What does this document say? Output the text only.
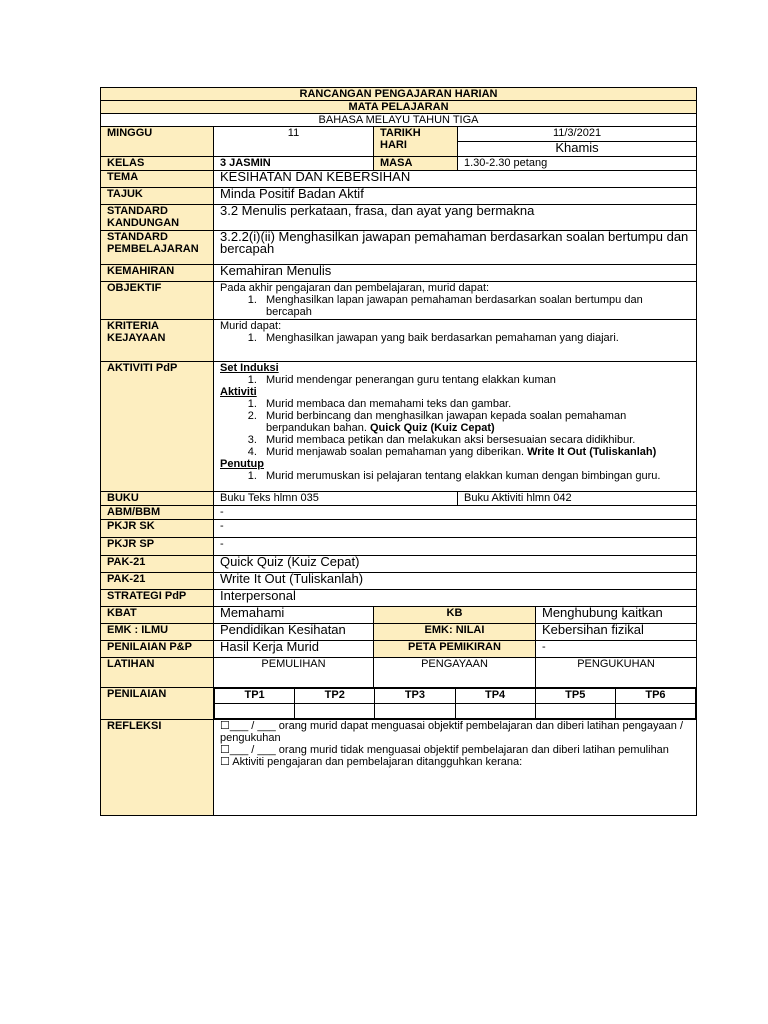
RANCANGAN PENGAJARAN HARIAN
MATA PELAJARAN
BAHASA MELAYU TAHUN TIGA
MINGGU	11	TARIKH
HARI
	11/3/2021
Khamis
KELAS	3 JASMIN	MASA	1.30-2.30 petang
TEMA	KESIHATAN DAN KEBERSIHAN
TAJUK	Minda Positif Badan Aktif

STANDARD
KANDUNGAN
	3.2 Menulis perkataan, frasa, dan ayat yang bermakna

STANDARD
PEMBELAJARAN
	3.2.2(i)(ii) Menghasilkan jawapan pemahaman berdasarkan soalan bertumpu dan bercapah
KEMAHIRAN	Kemahiran Menulis
OBJEKTIF	Pada akhir pengajaran dan pembelajaran, murid dapat:

1. Menghasilkan lapan jawapan pemahaman berdasarkan soalan bertumpu dan bercapah

KRITERIA
KEJAYAAN

Murid dapat:

1. Menghasilkan jawapan yang baik berdasarkan pemahaman yang diajari.

AKTIVITI PdP	Set Induksi
1. Murid mendengar penerangan guru tentang elakkan kuman
Aktiviti
1. Murid membaca dan memahami teks dan gambar.
2. Murid berbincang dan menghasilkan jawapan kepada soalan pemahaman berpandukan bahan. Quick Quiz (Kuiz Cepat)
3. Murid membaca petikan dan melakukan aksi bersesuaian secara didikhibur.
4. Murid menjawab soalan pemahaman yang diberikan. Write It Out (Tuliskanlah)
Penutup
1. Murid merumuskan isi pelajaran tentang elakkan kuman dengan bimbingan guru.

BUKU	Buku Teks hlmn 035	Buku Aktiviti hlmn 042
ABM/BBM	-
PKJR SK	-
PKJR SP	-
PAK-21	Quick Quiz (Kuiz Cepat)
PAK-21	Write It Out (Tuliskanlah)
STRATEGI PdP	Interpersonal
KBAT	Memahami	KB	Menghubung kaitkan
EMK : ILMU	Pendidikan Kesihatan	EMK: NILAI	Kebersihan fizikal
PENILAIAN P&P	Hasil Kerja Murid	PETA PEMIKIRAN	-
LATIHAN	PEMULIHAN	PENGAYAAN	PENGUKUHAN
PENILAIAN		TP1	TP2	TP3	TP4	TP5	TP6

REFLEKSI	☐___ / ___ orang murid dapat menguasai objektif pembelajaran dan diberi latihan pengayaan / pengukuhan

☐___ / ___ orang murid tidak menguasai objektif pembelajaran dan diberi latihan pemulihan

☐ Aktiviti pengajaran dan pembelajaran ditangguhkan kerana:
